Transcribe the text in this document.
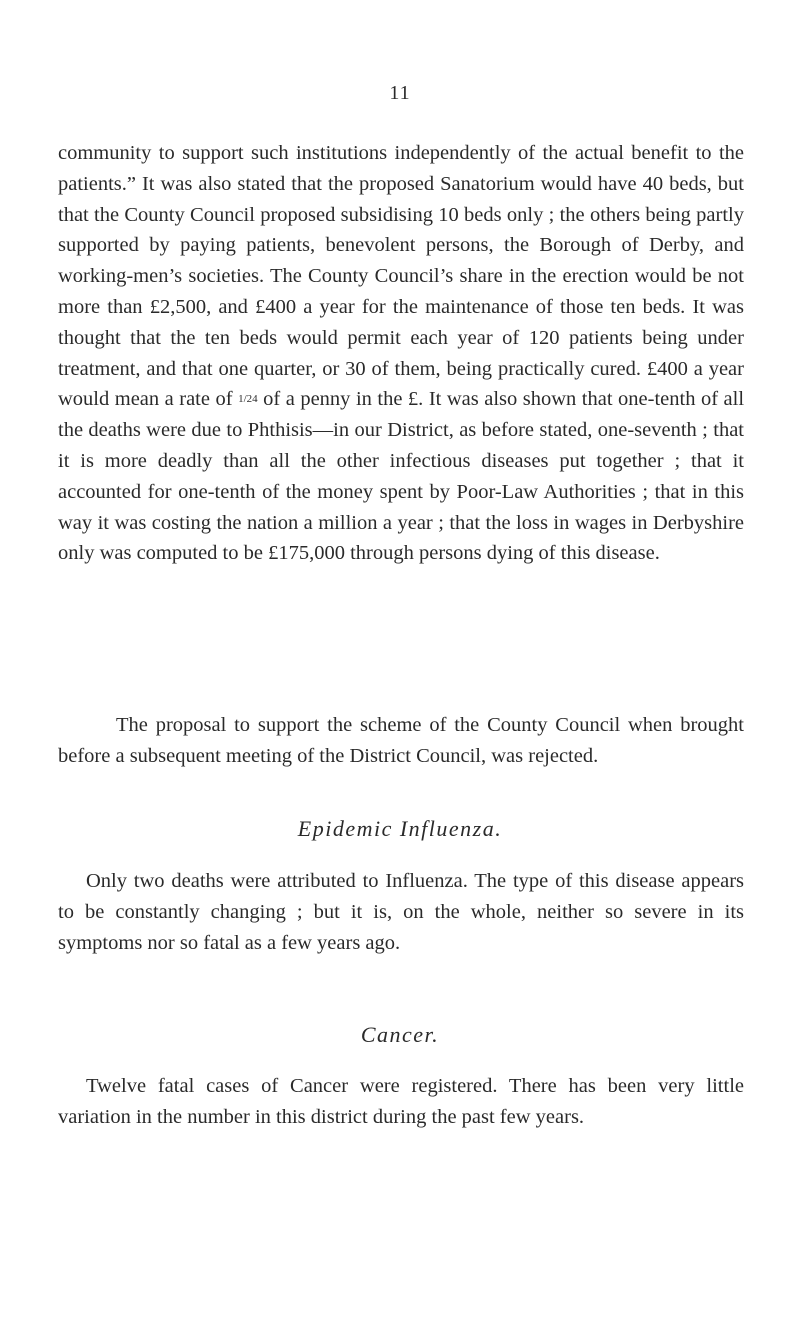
11

community to support such institutions independently of the actual benefit to the patients.” It was also stated that the proposed Sanatorium would have 40 beds, but that the County Council proposed subsidising 10 beds only ; the others being partly supported by paying patients, benevolent persons, the Borough of Derby, and working-men’s societies. The County Council’s share in the erection would be not more than £2,500, and £400 a year for the maintenance of those ten beds. It was thought that the ten beds would permit each year of 120 patients being under treatment, and that one quarter, or 30 of them, being practically cured. £400 a year would mean a rate of 1/24 of a penny in the £. It was also shown that one-tenth of all the deaths were due to Phthisis—in our District, as before stated, one-seventh ; that it is more deadly than all the other infectious diseases put together ; that it accounted for one-tenth of the money spent by Poor-Law Authorities ; that in this way it was costing the nation a million a year ; that the loss in wages in Derbyshire only was computed to be £175,000 through persons dying of this disease.

The proposal to support the scheme of the County Council when brought before a subsequent meeting of the District Council, was rejected.

Epidemic Influenza.

Only two deaths were attributed to Influenza. The type of this disease appears to be constantly changing ; but it is, on the whole, neither so severe in its symptoms nor so fatal as a few years ago.

Cancer.

Twelve fatal cases of Cancer were registered. There has been very little variation in the number in this district during the past few years.
